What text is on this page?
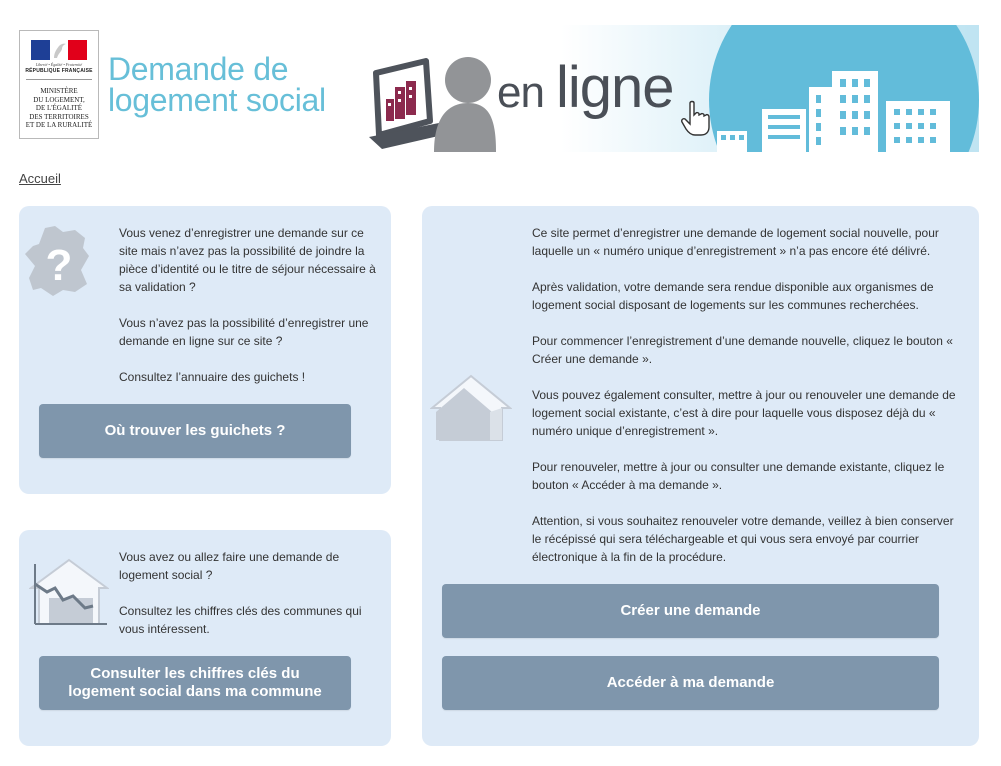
Liberté • Égalité • Fraternité
RÉPUBLIQUE FRANÇAISE
MINISTÈRE
DU LOGEMENT,
DE L'ÉGALITÉ
DES TERRITOIRES
ET DE LA RURALITÉ
Demande de
logement social	en ligne
Accueil
?

Vous venez d’enregistrer une demande sur ce site mais n’avez pas la possibilité de joindre la pièce d’identité ou le titre de séjour nécessaire à sa validation ?

Vous n’avez pas la possibilité d’enregistrer une demande en ligne sur ce site ?

Consultez l’annuaire des guichets !

Où trouver les guichets ?

Vous avez ou allez faire une demande de logement social ?

Consultez les chiffres clés des communes qui vous intéressent.

Consulter les chiffres clés du logement social dans ma commune

Ce site permet d’enregistrer une demande de logement social nouvelle, pour laquelle un « numéro unique d’enregistrement » n’a pas encore été délivré.

Après validation, votre demande sera rendue disponible aux organismes de logement social disposant de logements sur les communes recherchées.

Pour commencer l’enregistrement d’une demande nouvelle, cliquez le bouton « Créer une demande ».

Vous pouvez également consulter, mettre à jour ou renouveler une demande de logement social existante, c’est à dire pour laquelle vous disposez déjà du « numéro unique d’enregistrement ».

Pour renouveler, mettre à jour ou consulter une demande existante, cliquez le bouton « Accéder à ma demande ».

Attention, si vous souhaitez renouveler votre demande, veillez à bien conserver le récépissé qui sera téléchargeable et qui vous sera envoyé par courrier électronique à la fin de la procédure.

Créer une demande
Accéder à ma demande
